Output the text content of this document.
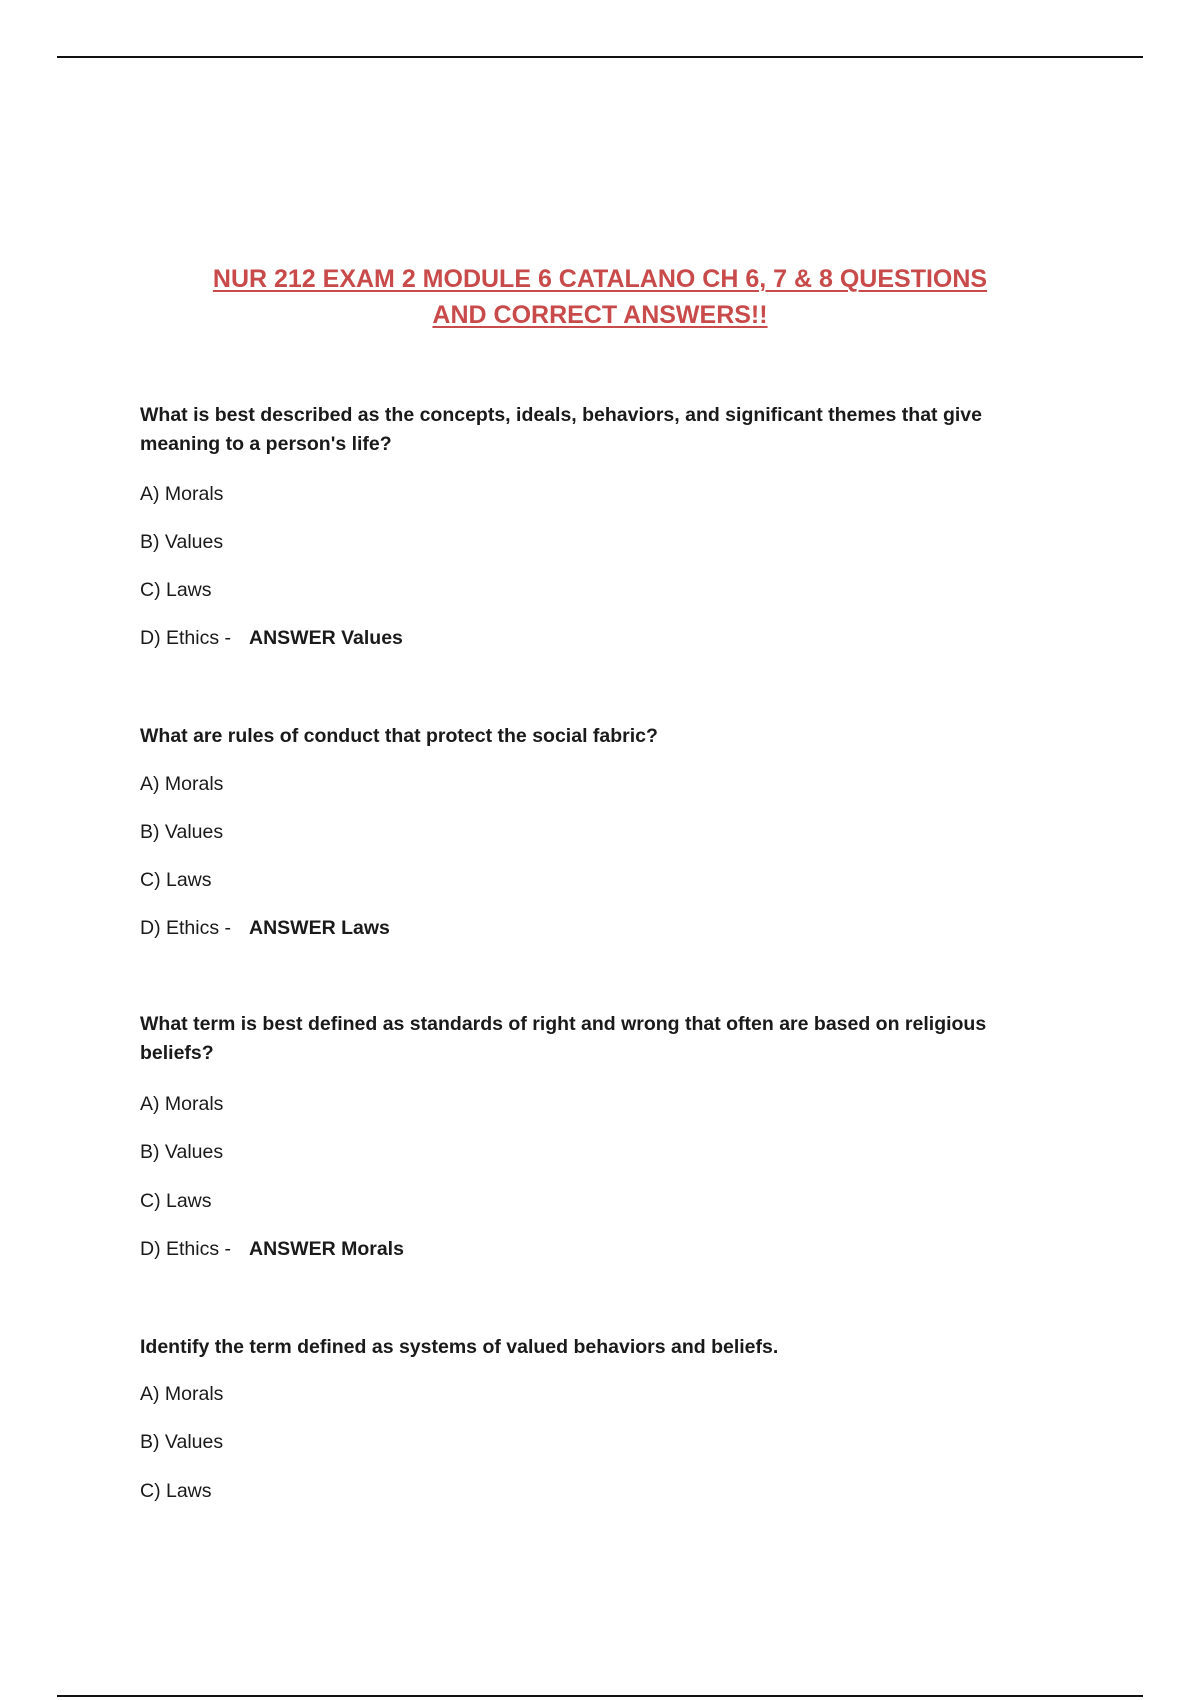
NUR 212 EXAM 2 MODULE 6 CATALANO CH 6, 7 & 8 QUESTIONS
AND CORRECT ANSWERS!!
What is best described as the concepts, ideals, behaviors, and significant themes that give meaning to a person's life?
A) Morals
B) Values
C) Laws
D) Ethics - ANSWER Values
What are rules of conduct that protect the social fabric?
A) Morals
B) Values
C) Laws
D) Ethics - ANSWER Laws
What term is best defined as standards of right and wrong that often are based on religious beliefs?
A) Morals
B) Values
C) Laws
D) Ethics - ANSWER Morals
Identify the term defined as systems of valued behaviors and beliefs.
A) Morals
B) Values
C) Laws
